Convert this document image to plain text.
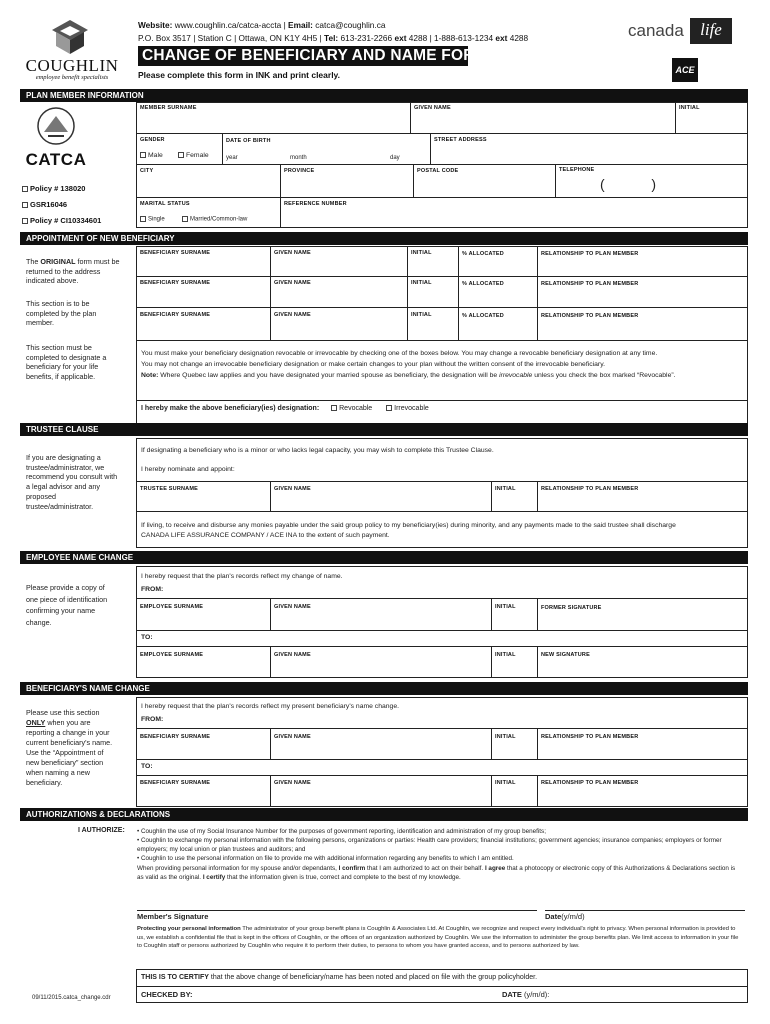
COUGHLIN
employee benefit specialists
Website: www.coughlin.ca/catca-accta | Email: catca@coughlin.ca
P.O. Box 3517 | Station C | Ottawa, ON K1Y 4H5 | Tel: 613-231-2266 ext 4288 | 1-888-613-1234 ext 4288
CHANGE OF BENEFICIARY AND NAME FORM
Please complete this form in INK and print clearly.
canada life
ACE
PLAN MEMBER INFORMATION
CATCA
Policy # 138020
GSR16046
Policy # CI10334601
MEMBER SURNAME	GIVEN NAME	INITIAL
GENDER
Male	Female
DATE OF BIRTH
year	month	day
STREET ADDRESS
CITY	PROVINCE	POSTAL CODE	TELEPHONE
(            )
MARITAL STATUS
Single	Married/Common-law
REFERENCE NUMBER
APPOINTMENT OF NEW BENEFICIARY
The ORIGINAL form must be returned to the address indicated above.
This section is to be completed by the plan member.
This section must be completed to designate a beneficiary for your life benefits, if applicable.
BENEFICIARY SURNAME	GIVEN NAME	INITIAL	% ALLOCATED	RELATIONSHIP TO PLAN MEMBER
BENEFICIARY SURNAME	GIVEN NAME	INITIAL	% ALLOCATED	RELATIONSHIP TO PLAN MEMBER
BENEFICIARY SURNAME	GIVEN NAME	INITIAL	% ALLOCATED	RELATIONSHIP TO PLAN MEMBER
You must make your beneficiary designation revocable or irrevocable by checking one of the boxes below. You may change a revocable beneficiary designation at any time.
You may not change an irrevocable beneficiary designation or make certain changes to your plan without the written consent of the irrevocable beneficiary.
Note: Where Quebec law applies and you have designated your married spouse as beneficiary, the designation will be irrevocable unless you check the box marked “Revocable”.
I hereby make the above beneficiary(ies) designation:	Revocable	Irrevocable
TRUSTEE CLAUSE
If you are designating a trustee/administrator, we recommend you consult with a legal advisor and any proposed trustee/administrator.
If designating a beneficiary who is a minor or who lacks legal capacity, you may wish to complete this Trustee Clause.
I hereby nominate and appoint:
TRUSTEE SURNAME	GIVEN NAME	INITIAL	RELATIONSHIP TO PLAN MEMBER
If living, to receive and disburse any monies payable under the said group policy to my beneficiary(ies) during minority, and any payments made to the said trustee shall discharge CANADA LIFE ASSURANCE COMPANY / ACE INA to the extent of such payment.
EMPLOYEE NAME CHANGE
Please provide a copy of one piece of identification confirming your name change.
I hereby request that the plan's records reflect my change of name.
FROM:
EMPLOYEE SURNAME	GIVEN NAME	INITIAL	FORMER SIGNATURE
TO:
EMPLOYEE SURNAME	GIVEN NAME	INITIAL	NEW SIGNATURE
BENEFICIARY'S NAME CHANGE
Please use this section ONLY when you are reporting a change in your current beneficiary's name. Use the “Appointment of new beneficiary” section when naming a new beneficiary.
I hereby request that the plan's records reflect my present beneficiary's name change.
FROM:
BENEFICIARY SURNAME	GIVEN NAME	INITIAL	RELATIONSHIP TO PLAN MEMBER
TO:
BENEFICIARY SURNAME	GIVEN NAME	INITIAL	RELATIONSHIP TO PLAN MEMBER
AUTHORIZATIONS & DECLARATIONS
I AUTHORIZE: • Coughlin the use of my Social Insurance Number for the purposes of government reporting, identification and administration of my group benefits;
• Coughlin to exchange my personal information with the following persons, organizations or parties: Health care providers; financial institutions; government agencies; insurance companies; employers or former employers; my local union or plan trustees and auditors; and
• Coughlin to use the personal information on file to provide me with additional information regarding any benefits to which I am entitled.
When providing personal information for my spouse and/or dependants, I confirm that I am authorized to act on their behalf. I agree that a photocopy or electronic copy of this Authorizations & Declarations section is as valid as the original. I certify that the information given is true, correct and complete to the best of my knowledge.
Member's Signature	Date(y/m/d)
Protecting your personal information The administrator of your group benefit plans is Coughlin & Associates Ltd. At Coughlin, we recognize and respect every individual's right to privacy. When personal information is provided to us, we establish a confidential file that is kept in the offices of Coughlin, or the offices of an organization authorized by Coughlin. We use the information to administer the group benefits plan. We limit access to information in your file to Coughlin staff or persons authorized by Coughlin who require it to perform their duties, to persons to whom you have granted access, and to persons authorized by law.
THIS IS TO CERTIFY that the above change of beneficiary/name has been noted and placed on file with the group policyholder.
CHECKED BY:	DATE (y/m/d):
09/11/2015.catca_change.cdr
